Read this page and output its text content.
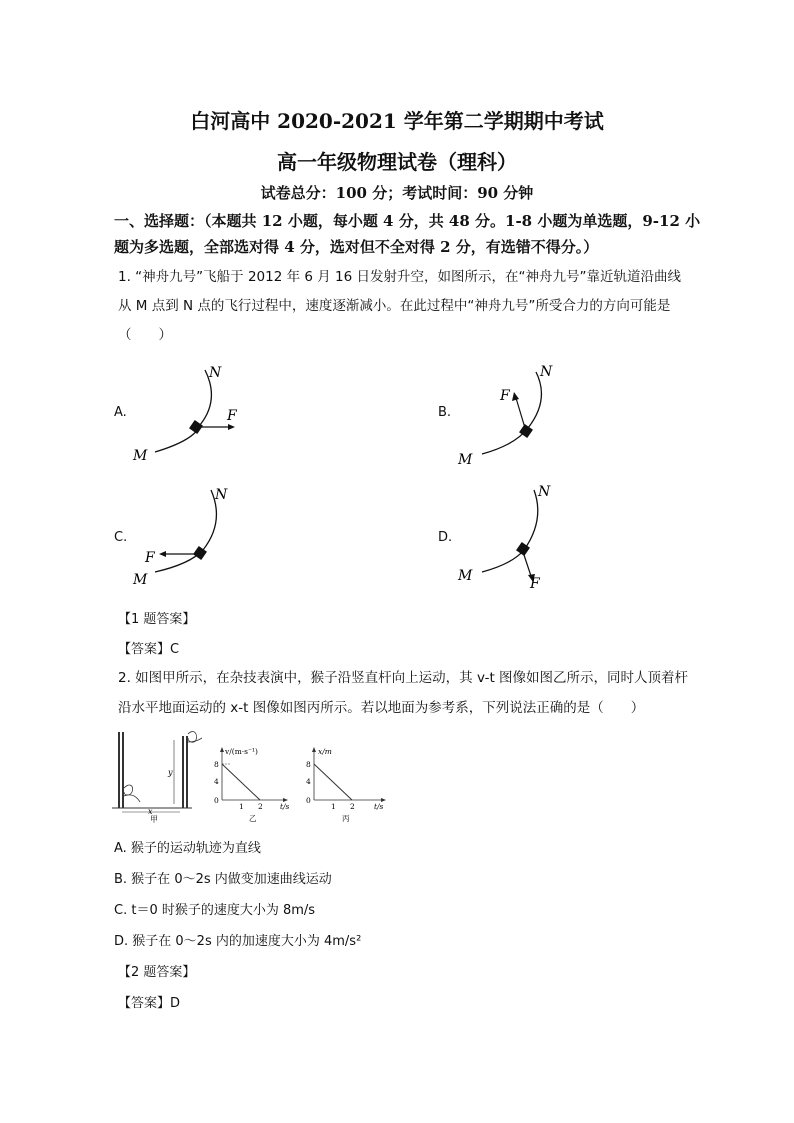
白河高中 2020-2021 学年第二学期期中考试
高一年级物理试卷（理科）
试卷总分：100 分；考试时间：90 分钟
一、选择题：（本题共 12 小题，每小题 4 分，共 48 分。1-8 小题为单选题，9-12 小题为多选题，全部选对得 4 分，选对但不全对得 2 分，有选错不得分。）
1. “神舟九号”飞船于 2012 年 6 月 16 日发射升空，如图所示，在“神舟九号”靠近轨道沿曲线
从 M 点到 N 点的飞行过程中，速度逐渐减小。在此过程中“神舟九号”所受合力的方向可能是
（　　）
A.
N
M
F	B.
N
M
F
C.
N
M
F
D.
N
M	F
【1 题答案】
【答案】C
2. 如图甲所示，在杂技表演中，猴子沿竖直杆向上运动，其 v-t 图像如图乙所示，同时人顶着杆
沿水平地面运动的 x-t 图像如图丙所示。若以地面为参考系，下列说法正确的是（　　）
y
x
甲
v/(m·s⁻¹)
8
4
0
1 2 t/s
乙
x/m
8
4
0
1 2	t/s
丙
A. 猴子的运动轨迹为直线
B. 猴子在 0～2s 内做变加速曲线运动
C. t＝0 时猴子的速度大小为 8m/s
D. 猴子在 0～2s 内的加速度大小为 4m/s²
【2 题答案】
【答案】D
